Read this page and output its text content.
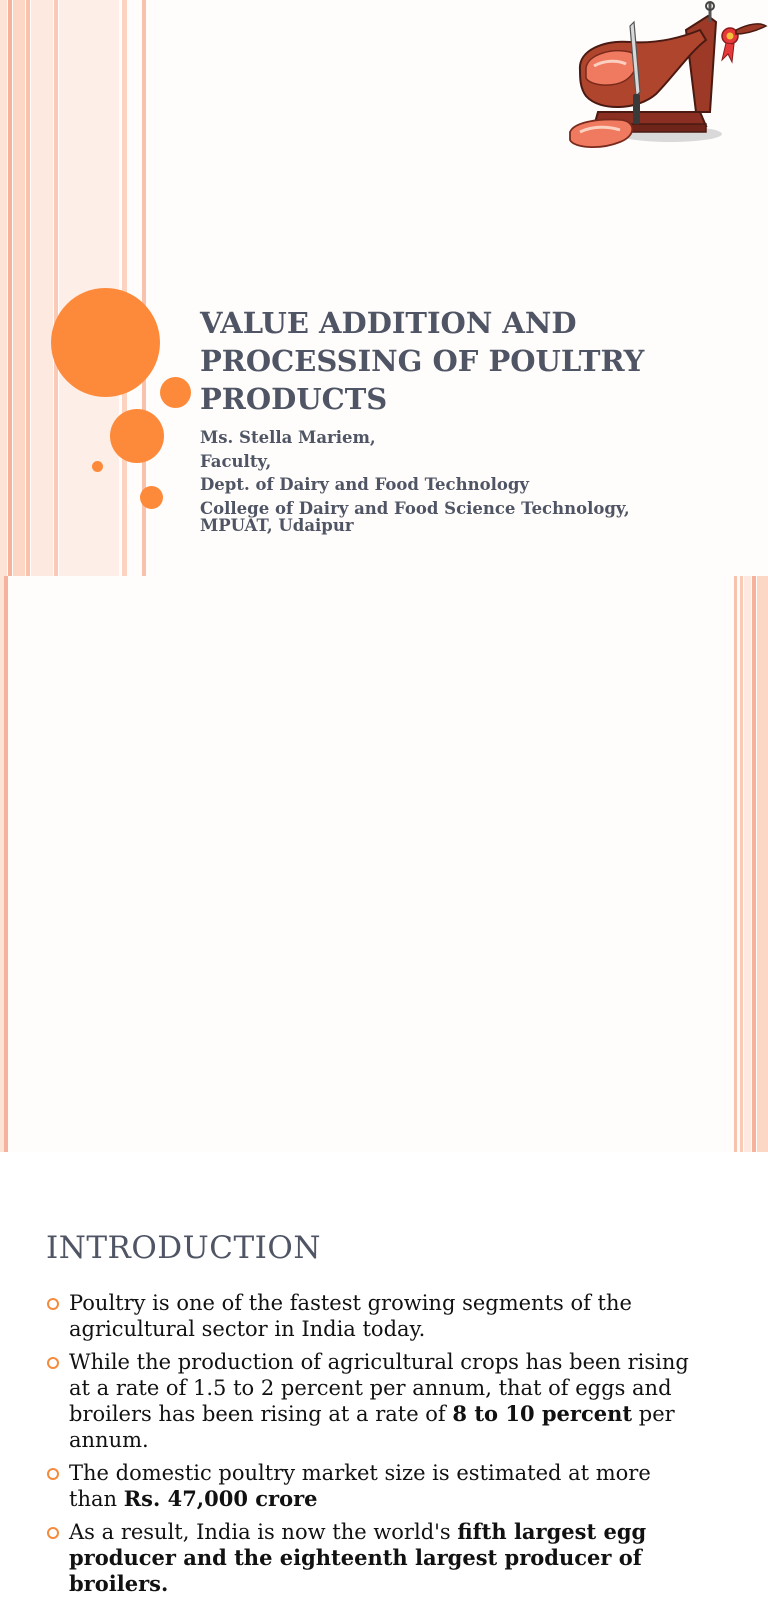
VALUE ADDITION AND PROCESSING OF POULTRY PRODUCTS
Ms. Stella Mariem,
Faculty,
Dept. of Dairy and Food Technology
College of Dairy and Food Science Technology,
MPUAT, Udaipur
INTRODUCTION
Poultry is one of the fastest growing segments of the agricultural sector in India today.
While the production of agricultural crops has been rising at a rate of 1.5 to 2 percent per annum, that of eggs and broilers has been rising at a rate of 8 to 10 percent per annum.
The domestic poultry market size is estimated at more than Rs. 47,000 crore
As a result, India is now the world's fifth largest egg producer and the eighteenth largest producer of broilers.
